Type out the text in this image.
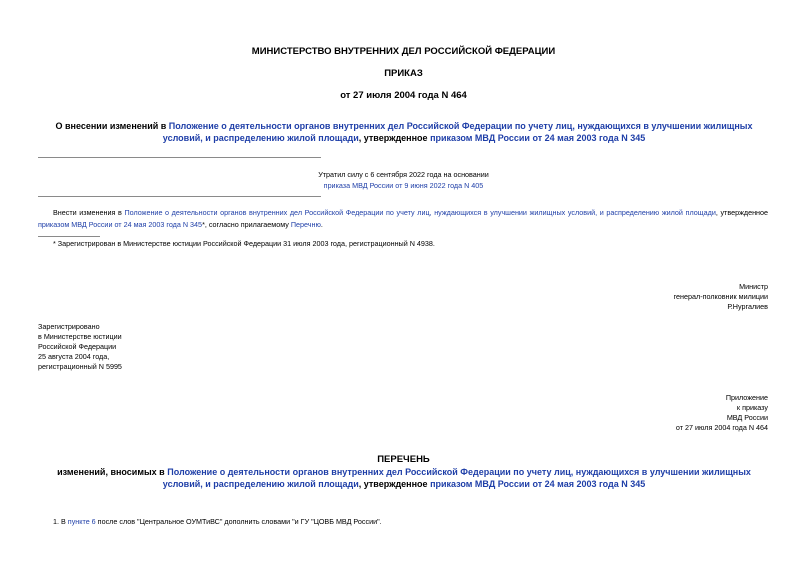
МИНИСТЕРСТВО ВНУТРЕННИХ ДЕЛ РОССИЙСКОЙ ФЕДЕРАЦИИ
ПРИКАЗ
от 27 июля 2004 года N 464
О внесении изменений в Положение о деятельности органов внутренних дел Российской Федерации по учету лиц, нуждающихся в улучшении жилищных условий, и распределению жилой площади, утвержденное приказом МВД России от 24 мая 2003 года N 345
Утратил силу с 6 сентября 2022 года на основании
приказа МВД России от 9 июня 2022 года N 405
Внести изменения в Положение о деятельности органов внутренних дел Российской Федерации по учету лиц, нуждающихся в улучшении жилищных условий, и распределению жилой площади, утвержденное приказом МВД России от 24 мая 2003 года N 345*, согласно прилагаемому Перечню.
* Зарегистрирован в Министерстве юстиции Российской Федерации 31 июля 2003 года, регистрационный N 4938.
Министр
генерал-полковник милиции
Р.Нургалиев
Зарегистрировано
в Министерстве юстиции
Российской Федерации
25 августа 2004 года,
регистрационный N 5995
Приложение
к приказу
МВД России
от 27 июля 2004 года N 464
ПЕРЕЧЕНЬ
изменений, вносимых в Положение о деятельности органов внутренних дел Российской Федерации по учету лиц, нуждающихся в улучшении жилищных условий, и распределению жилой площади, утвержденное приказом МВД России от 24 мая 2003 года N 345
1. В пункте 6 после слов "Центральное ОУМТиВС" дополнить словами "и ГУ "ЦОВБ МВД России".
